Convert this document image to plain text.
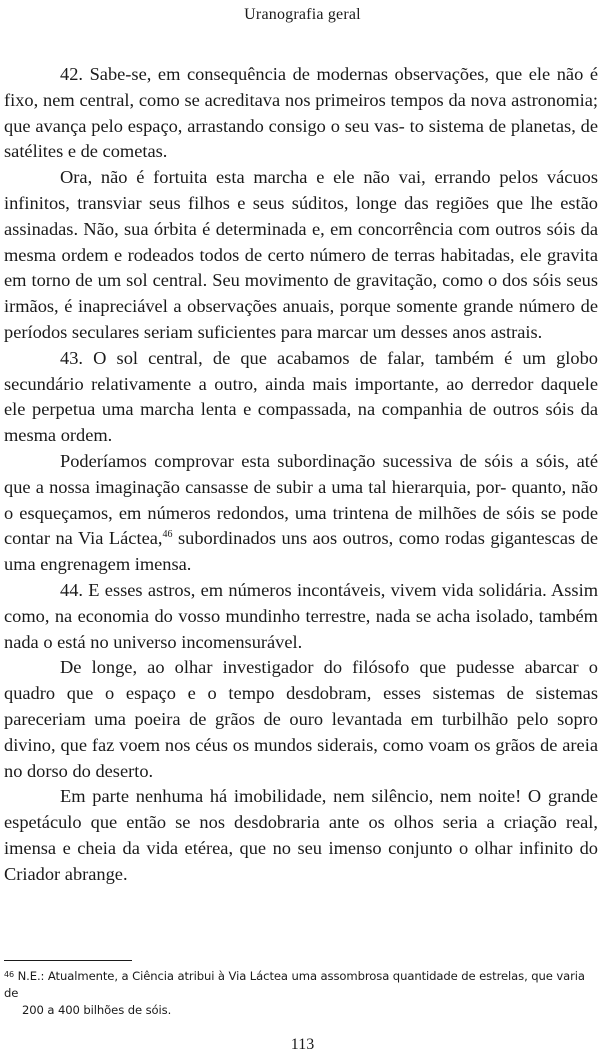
Uranografia geral

42. Sabe-se, em consequência de modernas observações, que ele não é fixo, nem central, como se acreditava nos primeiros tempos da nova astronomia; que avança pelo espaço, arrastando consigo o seu vas- to sistema de planetas, de satélites e de cometas.

Ora, não é fortuita esta marcha e ele não vai, errando pelos vácuos infinitos, transviar seus filhos e seus súditos, longe das regiões que lhe estão assinadas. Não, sua órbita é determinada e, em concorrência com outros sóis da mesma ordem e rodeados todos de certo número de terras habitadas, ele gravita em torno de um sol central. Seu movimento de gravitação, como o dos sóis seus irmãos, é inapreciável a observações anuais, porque somente grande número de períodos seculares seriam suficientes para marcar um desses anos astrais.

43. O sol central, de que acabamos de falar, também é um globo secundário relativamente a outro, ainda mais importante, ao derredor daquele ele perpetua uma marcha lenta e compassada, na companhia de outros sóis da mesma ordem.

Poderíamos comprovar esta subordinação sucessiva de sóis a sóis, até que a nossa imaginação cansasse de subir a uma tal hierarquia, por- quanto, não o esqueçamos, em números redondos, uma trintena de milhões de sóis se pode contar na Via Láctea,$^{46}$ subordinados uns aos outros, como rodas gigantescas de uma engrenagem imensa.

44. E esses astros, em números incontáveis, vivem vida solidária. Assim como, na economia do vosso mundinho terrestre, nada se acha isolado, também nada o está no universo incomensurável.

De longe, ao olhar investigador do filósofo que pudesse abarcar o quadro que o espaço e o tempo desdobram, esses sistemas de sistemas pareceriam uma poeira de grãos de ouro levantada em turbilhão pelo sopro divino, que faz voem nos céus os mundos siderais, como voam os grãos de areia no dorso do deserto.

Em parte nenhuma há imobilidade, nem silêncio, nem noite! O grande espetáculo que então se nos desdobraria ante os olhos seria a criação real, imensa e cheia da vida etérea, que no seu imenso conjunto o olhar infinito do Criador abrange.

$^{46}$ N.E.: Atualmente, a Ciência atribui à Via Láctea uma assombrosa quantidade de estrelas, que varia de
200 a 400 bilhões de sóis.
113
